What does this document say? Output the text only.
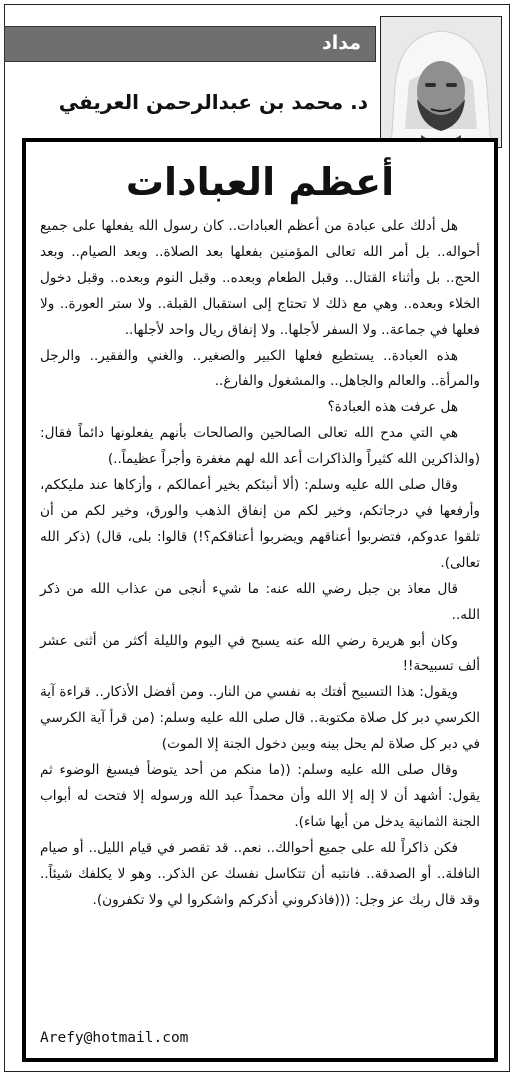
مداد
د. محمد بن عبدالرحمن العريفي
أعظم العبادات

هل أدلك على عبادة من أعظم العبادات.. كان رسول الله يفعلها على جميع أحواله.. بل أمر الله تعالى المؤمنين بفعلها بعد الصلاة.. وبعد الصيام.. وبعد الحج.. بل وأثناء القتال.. وقبل الطعام وبعده.. وقبل النوم وبعده.. وقبل دخول الخلاء وبعده.. وهي مع ذلك لا تحتاج إلى استقبال القبلة.. ولا ستر العورة.. ولا فعلها في جماعة.. ولا السفر لأجلها.. ولا إنفاق ريال واحد لأجلها..

هذه العبادة.. يستطيع فعلها الكبير والصغير.. والغني والفقير.. والرجل والمرأة.. والعالم والجاهل.. والمشغول والفارغ..

هل عرفت هذه العبادة؟

هي التي مدح الله تعالى الصالحين والصالحات بأنهم يفعلونها دائماً فقال: (والذاكرين الله كثيراً والذاكرات أعد الله لهم مغفرة وأجراً عظيماً..)

وقال صلى الله عليه وسلم: (ألا أنبئكم بخير أعمالكم ، وأزكاها عند مليككم، وأرفعها في درجاتكم، وخير لكم من إنفاق الذهب والورق، وخير لكم من أن تلقوا عدوكم، فتضربوا أعناقهم ويضربوا أعناقكم؟!) قالوا: بلى، قال) (ذكر الله تعالى).

قال معاذ بن جبل رضي الله عنه: ما شيء أنجى من عذاب الله من ذكر الله..

وكان أبو هريرة رضي الله عنه يسبح في اليوم والليلة أكثر من أثنى عشر ألف تسبيحة!!

ويقول: هذا التسبيح أفتك به نفسي من النار.. ومن أفضل الأذكار.. قراءة آية الكرسي دبر كل صلاة مكتوبة.. قال صلى الله عليه وسلم: (من قرأ آية الكرسي في دبر كل صلاة لم يحل بينه وبين دخول الجنة إلا الموت)

وقال صلى الله عليه وسلم: ((ما منكم من أحد يتوضأ فيسبغ الوضوء ثم يقول: أشهد أن لا إله إلا الله وأن محمداً عبد الله ورسوله إلا فتحت له أبواب الجنة الثمانية يدخل من أيها شاء).

فكن ذاكراً لله على جميع أحوالك.. نعم.. قد تقصر في قيام الليل.. أو صيام النافلة.. أو الصدقة.. فانتبه أن تتكاسل نفسك عن الذكر.. وهو لا يكلفك شيئاً.. وقد قال ربك عز وجل: (((فاذكروني أذكركم واشكروا لي ولا تكفرون).

Arefy@hotmail.com
